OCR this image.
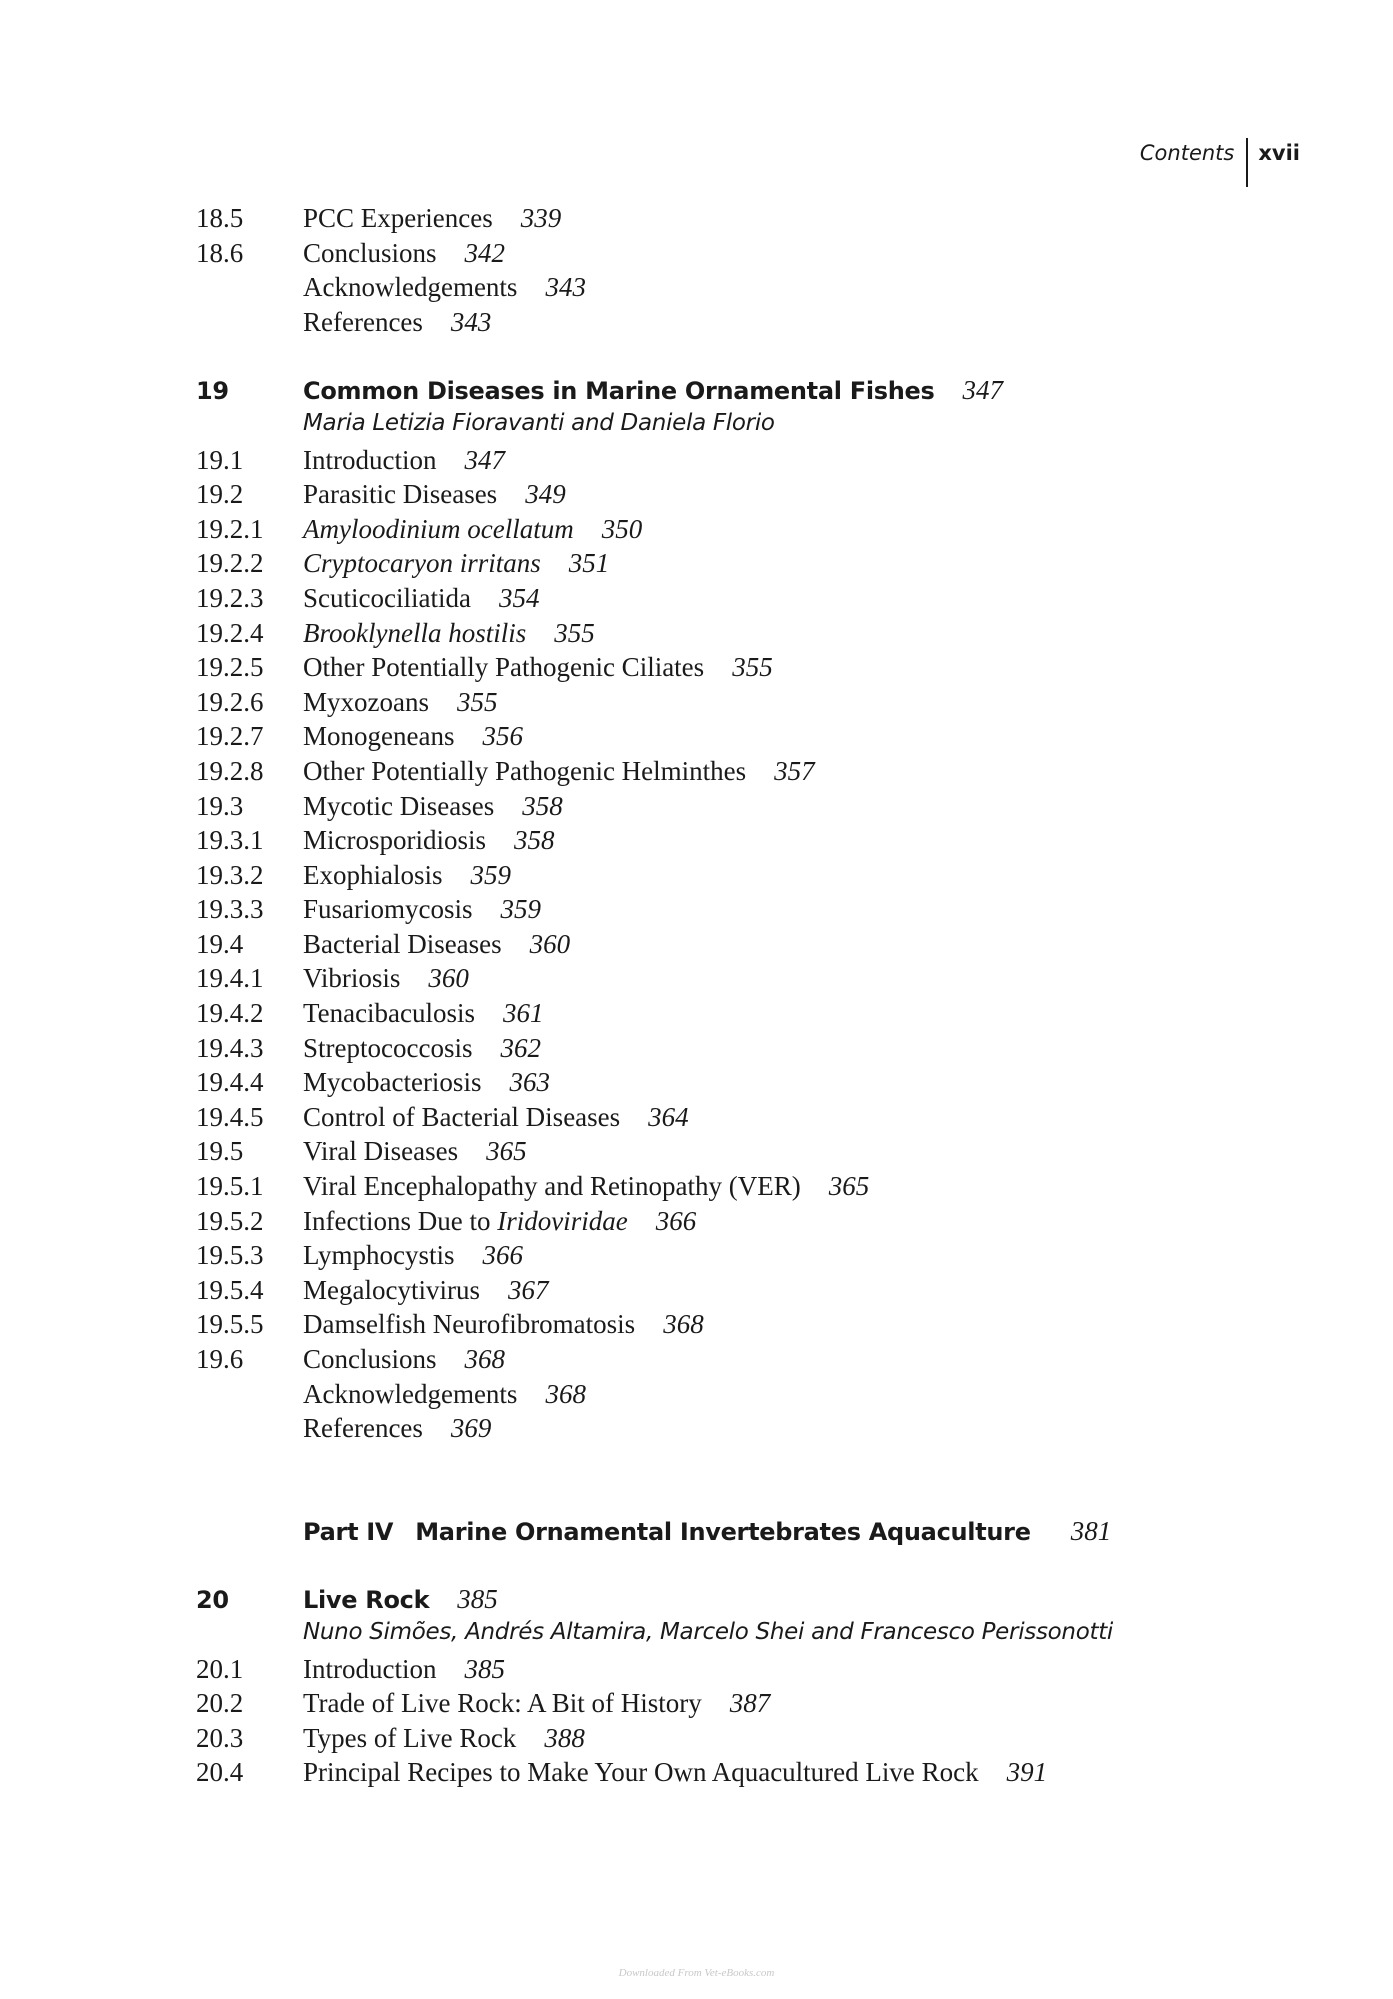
Contents xvii
18.5	PCC Experiences 339
18.6	Conclusions 342
Acknowledgements 343
References 343
19	Common Diseases in Marine Ornamental Fishes 347
Maria Letizia Fioravanti and Daniela Florio
19.1	Introduction 347
19.2	Parasitic Diseases 349
19.2.1	Amyloodinium ocellatum 350
19.2.2	Cryptocaryon irritans 351
19.2.3	Scuticociliatida 354
19.2.4	Brooklynella hostilis 355
19.2.5	Other Potentially Pathogenic Ciliates 355
19.2.6	Myxozoans 355
19.2.7	Monogeneans 356
19.2.8	Other Potentially Pathogenic Helminthes 357
19.3	Mycotic Diseases 358
19.3.1	Microsporidiosis 358
19.3.2	Exophialosis 359
19.3.3	Fusariomycosis 359
19.4	Bacterial Diseases 360
19.4.1	Vibriosis 360
19.4.2	Tenacibaculosis 361
19.4.3	Streptococcosis 362
19.4.4	Mycobacteriosis 363
19.4.5	Control of Bacterial Diseases 364
19.5	Viral Diseases 365
19.5.1	Viral Encephalopathy and Retinopathy (VER) 365
19.5.2	Infections Due to Iridoviridae 366
19.5.3	Lymphocystis 366
19.5.4	Megalocytivirus 367
19.5.5	Damselfish Neurofibromatosis 368
19.6	Conclusions 368
Acknowledgements 368
References 369
Part IV Marine Ornamental Invertebrates Aquaculture 381
20	Live Rock 385
Nuno Simões, Andrés Altamira, Marcelo Shei and Francesco Perissonotti
20.1	Introduction 385
20.2	Trade of Live Rock: A Bit of History 387
20.3	Types of Live Rock 388
20.4	Principal Recipes to Make Your Own Aquacultured Live Rock 391
Downloaded From Vet-eBooks.com
